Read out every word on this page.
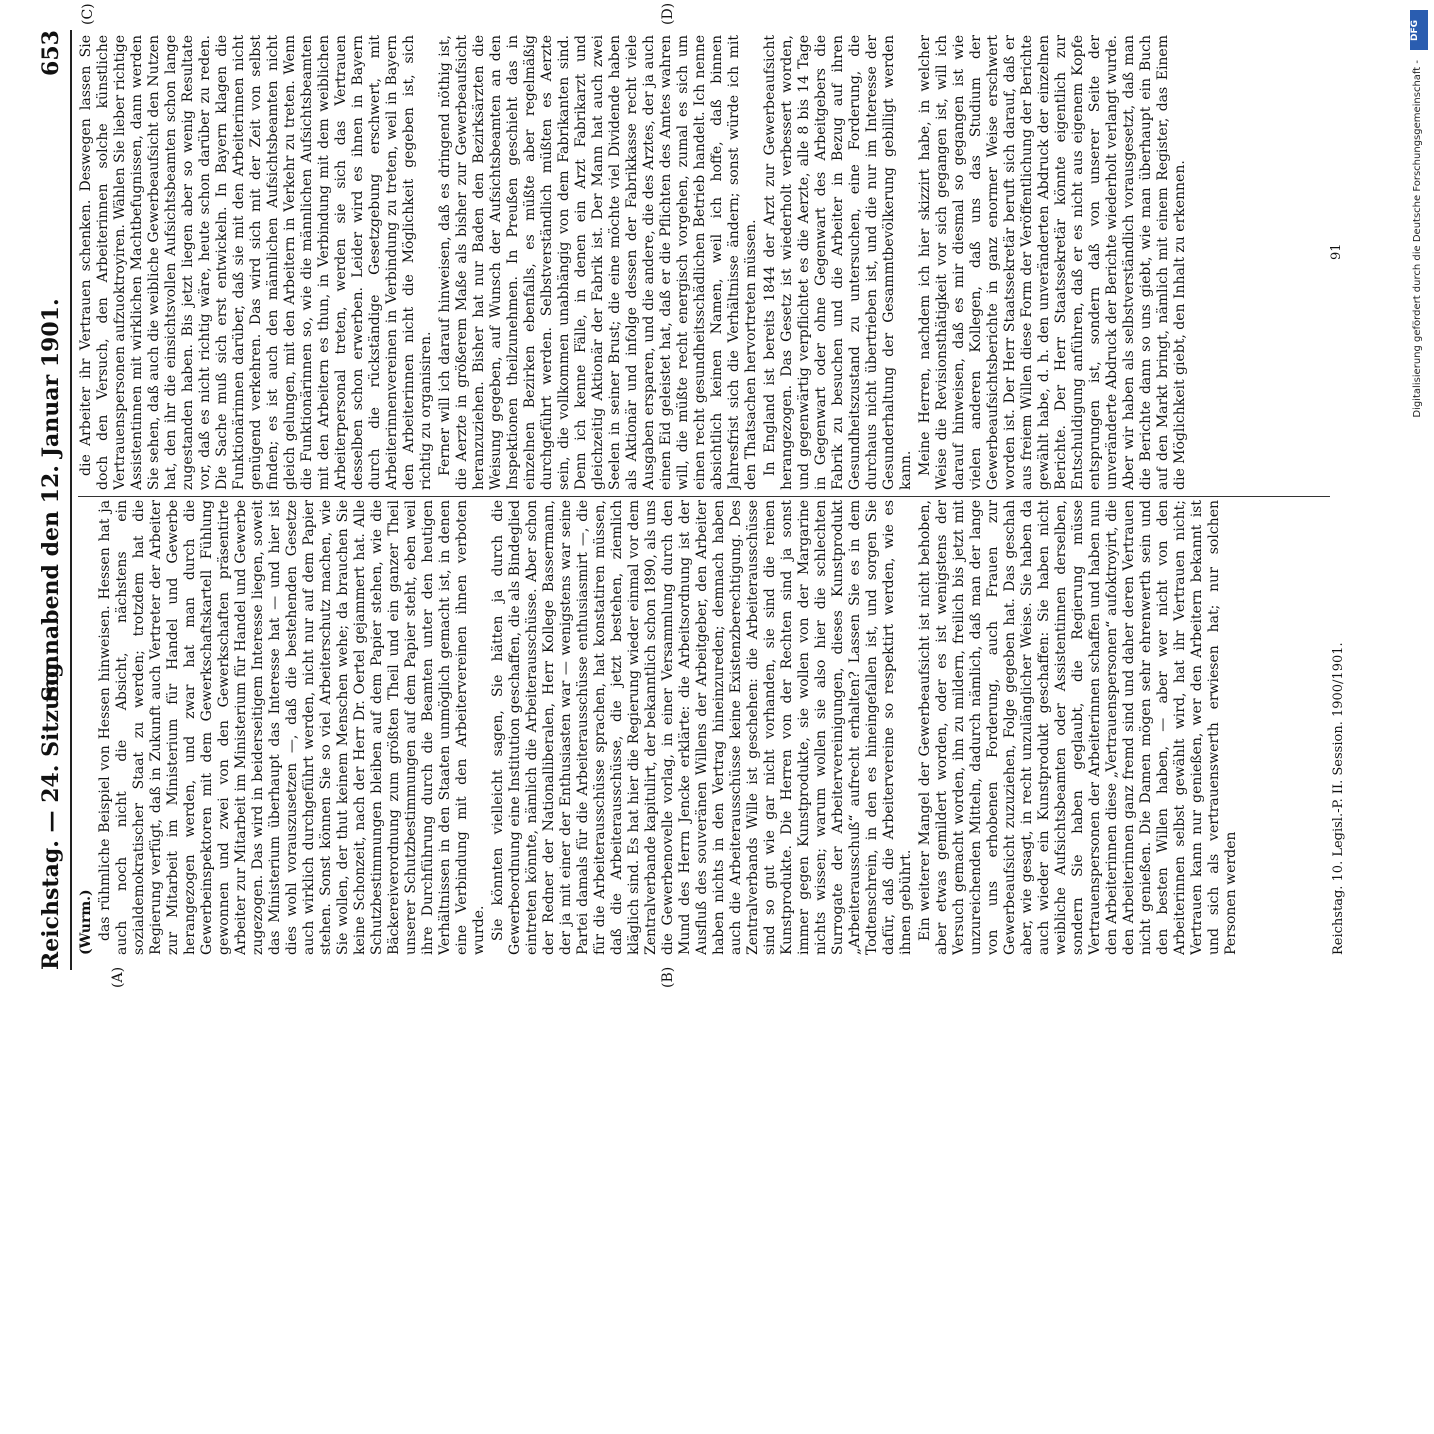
Reichstag. — 24. Sitzung.
Sonnabend den 12. Januar 1901.
653
(A)	(B)
(C)	(D)
(Wurm.) das rühmliche Beispiel von Hessen hinweisen. Hessen hat ja auch noch nicht die Absicht, nächstens ein sozialdemokratischer Staat zu werden; trotzdem hat die Regierung verfügt, daß in Zukunft auch Vertreter der Arbeiter zur Mitarbeit im Ministerium für Handel und Gewerbe herangezogen werden, und zwar hat man durch die Gewerbeinspektoren mit dem Gewerkschaftskartell Fühlung gewonnen und zwei von den Gewerkschaften präsentirte Arbeiter zur Mitarbeit im Ministerium für Handel und Gewerbe zugezogen. Das wird in beiderseitigem Interesse liegen, soweit das Ministerium überhaupt das Interesse hat — und hier ist dies wohl vorauszusetzen —, daß die bestehenden Gesetze auch wirklich durchgeführt werden, nicht nur auf dem Papier stehen. Sonst können Sie so viel Arbeiterschutz machen, wie Sie wollen, der thut keinem Menschen wehe; da brauchen Sie keine Schonzeit, nach der Herr Dr. Oertel gejammert hat. Alle Schutzbestimmungen bleiben auf dem Papier stehen, wie die Bäckereiverordnung zum größten Theil und ein ganzer Theil unserer Schutzbestimmungen auf dem Papier steht, eben weil ihre Durchführung durch die Beamten unter den heutigen Verhältnissen in den Staaten unmöglich gemacht ist, in denen eine Verbindung mit den Arbeitervereinen ihnen verboten wurde. Sie könnten vielleicht sagen, Sie hätten ja durch die Gewerbeordnung eine Institution geschaffen, die als Bindeglied eintreten könnte, nämlich die Arbeiterausschüsse. Aber schon der Redner der Nationalliberalen, Herr Kollege Bassermann, der ja mit einer der Enthusiasten war — wenigstens war seine Partei damals für die Arbeiterausschüsse enthusiasmirt —, die für die Arbeiterausschüsse sprachen, hat konstatiren müssen, daß die Arbeiterausschüsse, die jetzt bestehen, ziemlich kläglich sind. Es hat hier die Regierung wieder einmal vor dem Zentralverbande kapitulirt, der bekanntlich schon 1890, als uns die Gewerbenovelle vorlag, in einer Versammlung durch den Mund des Herrn Jencke erklärte: die Arbeitsordnung ist der Ausfluß des souveränen Willens der Arbeitgeber, den Arbeiter haben nichts in den Vertrag hineinzureden; demnach haben auch die Arbeiterausschüsse keine Existenzberechtigung. Des Zentralverbands Wille ist geschehen: die Arbeiterausschüsse sind so gut wie gar nicht vorhanden, sie sind die reinen Kunstprodukte. Die Herren von der Rechten sind ja sonst immer gegen Kunstprodukte, sie wollen von der Margarine nichts wissen; warum wollen sie also hier die schlechten Surrogate der Arbeitervereinigungen, dieses Kunstprodukt „Arbeiterausschuß“ aufrecht erhalten? Lassen Sie es in dem Todtenschrein, in den es hineingefallen ist, und sorgen Sie dafür, daß die Arbeitervereine so respektirt werden, wie es ihnen gebührt. Ein weiterer Mangel der Gewerbeaufsicht ist nicht behoben, aber etwas gemildert worden, oder es ist wenigstens der Versuch gemacht worden, ihn zu mildern, freilich bis jetzt mit unzureichenden Mitteln, dadurch nämlich, daß man der lange von uns erhobenen Forderung, auch Frauen zur Gewerbeaufsicht zuzuziehen, Folge gegeben hat. Das geschah aber, wie gesagt, in recht unzulänglicher Weise. Sie haben da auch wieder ein Kunstprodukt geschaffen: Sie haben nicht weibliche Aufsichtsbeamten oder Assistentinnen derselben, sondern Sie haben geglaubt, die Regierung müsse Vertrauenspersonen der Arbeiterinnen schaffen und haben nun den Arbeiterinnen diese „Vertrauenspersonen“ aufoktroyirt, die den Arbeiterinnen ganz fremd sind und daher deren Vertrauen nicht genießen. Die Damen mögen sehr ehrenwerth sein und den besten Willen haben, — aber wer nicht von den Arbeiterinnen selbst gewählt wird, hat ihr Vertrauen nicht; Vertrauen kann nur genießen, wer den Arbeitern bekannt ist und sich als vertrauenswerth erwiesen hat; nur solchen Personen werden

die Arbeiter ihr Vertrauen schenken. Deswegen lassen Sie doch den Versuch, den Arbeiterinnen solche künstliche Vertrauenspersonen aufzuoktroyiren. Wählen Sie lieber richtige Assistentinnen mit wirklichen Machtbefugnissen, dann werden Sie sehen, daß auch die weibliche Gewerbeaufsicht den Nutzen hat, den ihr die einsichtsvollen Aufsichtsbeamten schon lange zugestanden haben. Bis jetzt liegen aber so wenig Resultate vor, daß es nicht richtig wäre, heute schon darüber zu reden. Die Sache muß sich erst entwickeln. In Bayern klagen die Funktionärinnen darüber, daß sie mit den Arbeiterinnen nicht genügend verkehren. Das wird sich mit der Zeit von selbst finden; es ist auch den männlichen Aufsichtsbeamten nicht gleich gelungen, mit den Arbeitern in Verkehr zu treten. Wenn die Funktionärinnen so, wie die männlichen Aufsichtsbeamten mit den Arbeitern es thun, in Verbindung mit dem weiblichen Arbeiterpersonal treten, werden sie sich das Vertrauen desselben schon erwerben. Leider wird es ihnen in Bayern durch die rückständige Gesetzgebung erschwert, mit Arbeiterinnenvereinen in Verbindung zu treten, weil in Bayern den Arbeiterinnen nicht die Möglichkeit gegeben ist, sich richtig zu organisiren. Ferner will ich darauf hinweisen, daß es dringend nöthig ist, die Aerzte in größerem Maße als bisher zur Gewerbeaufsicht heranzuziehen. Bisher hat nur Baden den Bezirksärzten die Weisung gegeben, auf Wunsch der Aufsichtsbeamten an den Inspektionen theilzunehmen. In Preußen geschieht das in einzelnen Bezirken ebenfalls, es müßte aber regelmäßig durchgeführt werden. Selbstverständlich müßten es Aerzte sein, die vollkommen unabhängig von dem Fabrikanten sind. Denn ich kenne Fälle, in denen ein Arzt Fabrikarzt und gleichzeitig Aktionär der Fabrik ist. Der Mann hat auch zwei Seelen in seiner Brust; die eine möchte viel Dividende haben als Aktionär und infolge dessen der Fabrikkasse recht viele Ausgaben ersparen, und die andere, die des Arztes, der ja auch einen Eid geleistet hat, daß er die Pflichten des Amtes wahren will, die müßte recht energisch vorgehen, zumal es sich um einen recht gesundheitsschädlichen Betrieb handelt. Ich nenne absichtlich keinen Namen, weil ich hoffe, daß binnen Jahresfrist sich die Verhältnisse ändern; sonst würde ich mit den Thatsachen hervortreten müssen. In England ist bereits 1844 der Arzt zur Gewerbeaufsicht herangezogen. Das Gesetz ist wiederholt verbessert worden, und gegenwärtig verpflichtet es die Aerzte, alle 8 bis 14 Tage in Gegenwart oder ohne Gegenwart des Arbeitgebers die Fabrik zu besuchen und die Arbeiter in Bezug auf ihren Gesundheitszustand zu untersuchen, eine Forderung, die durchaus nicht übertrieben ist, und die nur im Interesse der Gesunderhaltung der Gesammtbevölkerung gebilligt werden kann. Meine Herren, nachdem ich hier skizzirt habe, in welcher Weise die Revisionsthätigkeit vor sich gegangen ist, will ich darauf hinweisen, daß es mir diesmal so gegangen ist wie vielen anderen Kollegen, daß uns das Studium der Gewerbeaufsichtsberichte in ganz enormer Weise erschwert worden ist. Der Herr Staatssekretär beruft sich darauf, daß er aus freiem Willen diese Form der Veröffentlichung der Berichte gewählt habe, d. h. den unveränderten Abdruck der einzelnen Berichte. Der Herr Staatssekretär könnte eigentlich zur Entschuldigung anführen, daß er es nicht aus eigenem Kopfe entsprungen ist, sondern daß von unserer Seite der unveränderte Abdruck der Berichte wiederholt verlangt wurde. Aber wir haben als selbstverständlich vorausgesetzt, daß man die Berichte dann so uns giebt, wie man überhaupt ein Buch auf den Markt bringt, nämlich mit einem Register, das Einem die Möglichkeit giebt, den Inhalt zu erkennen.

Reichstag. 10. Legisl.-P. II. Session. 1900/1901.
91
DFG
Digitalisierung gefördert durch die Deutsche Forschungsgemeinschaft -
